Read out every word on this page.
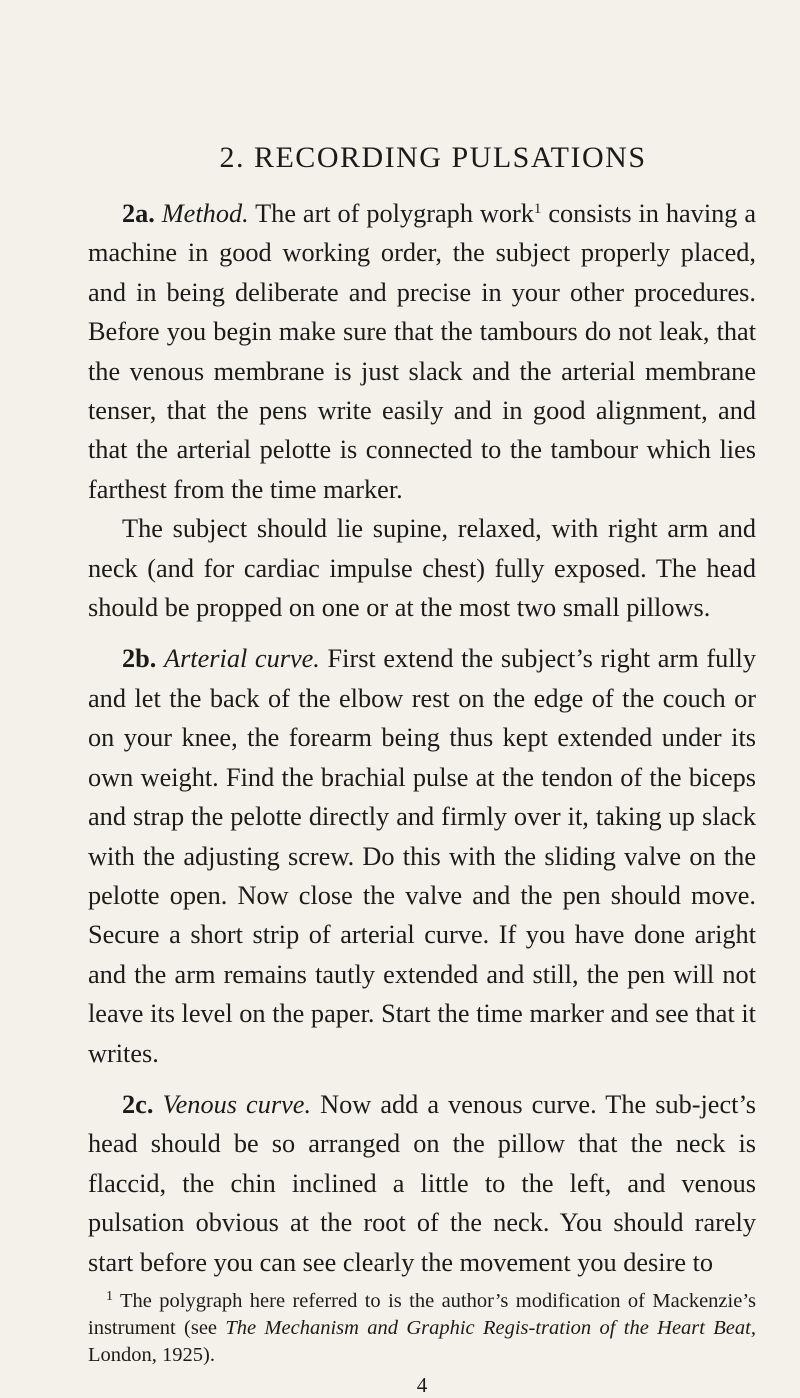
2. RECORDING PULSATIONS

2a. Method. The art of polygraph work$^1$ consists in having a machine in good working order, the subject properly placed, and in being deliberate and precise in your other procedures. Before you begin make sure that the tambours do not leak, that the venous membrane is just slack and the arterial membrane tenser, that the pens write easily and in good alignment, and that the arterial pelotte is connected to the tambour which lies farthest from the time marker.

The subject should lie supine, relaxed, with right arm and neck (and for cardiac impulse chest) fully exposed. The head should be propped on one or at the most two small pillows.

2b. Arterial curve. First extend the subject’s right arm fully and let the back of the elbow rest on the edge of the couch or on your knee, the forearm being thus kept extended under its own weight. Find the brachial pulse at the tendon of the biceps and strap the pelotte directly and firmly over it, taking up slack with the adjusting screw. Do this with the sliding valve on the pelotte open. Now close the valve and the pen should move. Secure a short strip of arterial curve. If you have done aright and the arm remains tautly extended and still, the pen will not leave its level on the paper. Start the time marker and see that it writes.

2c. Venous curve. Now add a venous curve. The sub-ject’s head should be so arranged on the pillow that the neck is flaccid, the chin inclined a little to the left, and venous pulsation obvious at the root of the neck. You should rarely start before you can see clearly the movement you desire to

$^1$ The polygraph here referred to is the author’s modification of Mackenzie’s instrument (see The Mechanism and Graphic Regis-tration of the Heart Beat, London, 1925).
4
